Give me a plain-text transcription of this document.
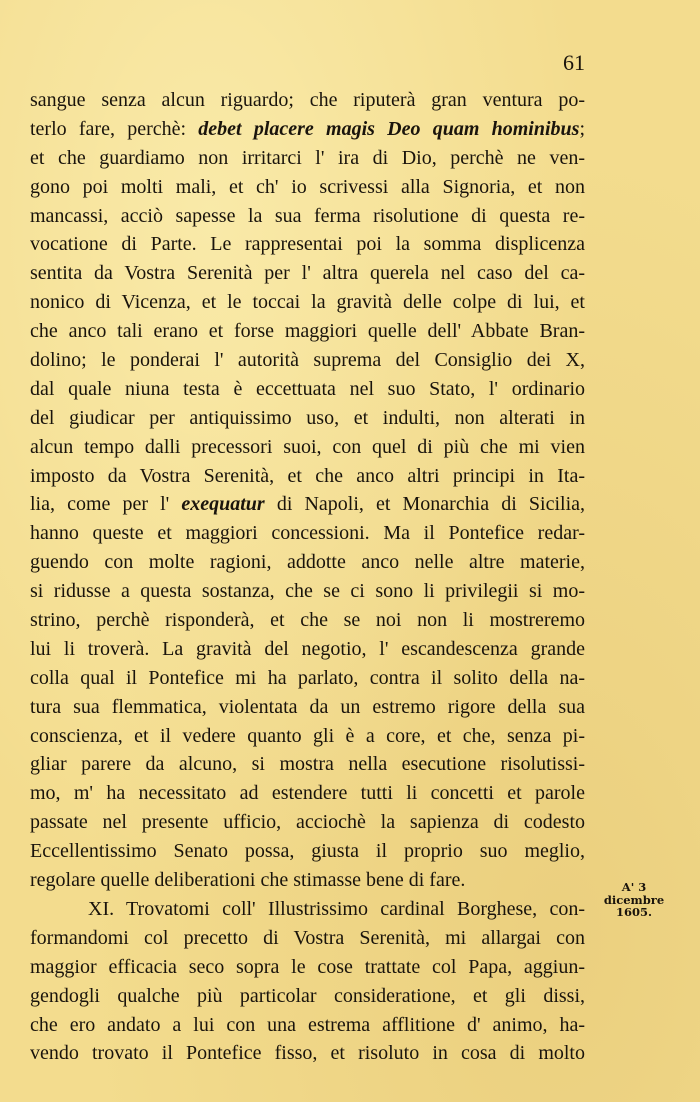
61
sangue senza alcun riguardo; che riputerà gran ventura po-
terlo fare, perchè: debet placere magis Deo quam hominibus;
et che guardiamo non irritarci l' ira di Dio, perchè ne ven-
gono poi molti mali, et ch' io scrivessi alla Signoria, et non
mancassi, acciò sapesse la sua ferma risolutione di questa re-
vocatione di Parte. Le rappresentai poi la somma displicenza
sentita da Vostra Serenità per l' altra querela nel caso del ca-
nonico di Vicenza, et le toccai la gravità delle colpe di lui, et
che anco tali erano et forse maggiori quelle dell' Abbate Bran-
dolino; le ponderai l' autorità suprema del Consiglio dei X,
dal quale niuna testa è eccettuata nel suo Stato, l' ordinario
del giudicar per antiquissimo uso, et indulti, non alterati in
alcun tempo dalli precessori suoi, con quel di più che mi vien
imposto da Vostra Serenità, et che anco altri principi in Ita-
lia, come per l' exequatur di Napoli, et Monarchia di Sicilia,
hanno queste et maggiori concessioni. Ma il Pontefice redar-
guendo con molte ragioni, addotte anco nelle altre materie,
si ridusse a questa sostanza, che se ci sono li privilegii si mo-
strino, perchè risponderà, et che se noi non li mostreremo
lui li troverà. La gravità del negotio, l' escandescenza grande
colla qual il Pontefice mi ha parlato, contra il solito della na-
tura sua flemmatica, violentata da un estremo rigore della sua
conscienza, et il vedere quanto gli è a core, et che, senza pi-
gliar parere da alcuno, si mostra nella esecutione risolutissi-
mo, m' ha necessitato ad estendere tutti li concetti et parole
passate nel presente ufficio, acciochè la sapienza di codesto
Eccellentissimo Senato possa, giusta il proprio suo meglio,
regolare quelle deliberationi che stimasse bene di fare.
XI. Trovatomi coll' Illustrissimo cardinal Borghese, con-
formandomi col precetto di Vostra Serenità, mi allargai con
maggior efficacia seco sopra le cose trattate col Papa, aggiun-
gendogli qualche più particolar consideratione, et gli dissi,
che ero andato a lui con una estrema afflitione d' animo, ha-
vendo trovato il Pontefice fisso, et risoluto in cosa di molto
A' 3
dicembre
1605.
